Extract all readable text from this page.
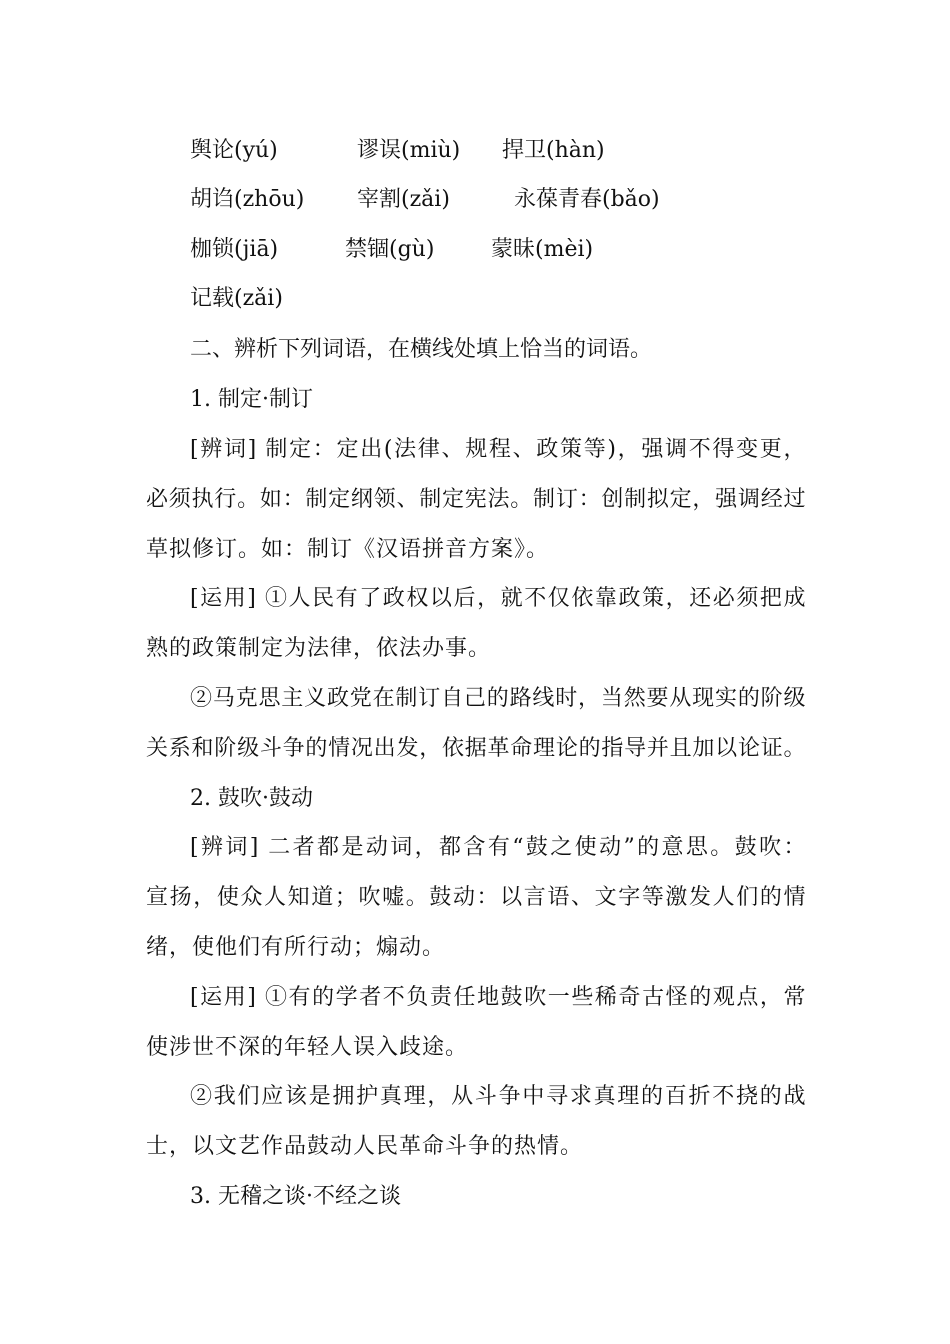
舆论(yú)	谬误(miù) 捍卫(hàn)
胡诌(zhōu) 宰割(zǎi)	永葆青春(bǎo)
枷锁(jiā)	禁锢(gù)	蒙昧(mèi)
记载(zǎi)
二、辨析下列词语，在横线处填上恰当的词语。
1. 制定·制订
[辨词] 制定：定出(法律、规程、政策等)，强调不得变更，
必须执行。如：制定纲领、制定宪法。制订：创制拟定，强调经过
草拟修订。如：制订《汉语拼音方案》。
[运用] ①人民有了政权以后，就不仅依靠政策，还必须把成
熟的政策制定为法律，依法办事。
②马克思主义政党在制订自己的路线时，当然要从现实的阶级
关系和阶级斗争的情况出发，依据革命理论的指导并且加以论证。
2. 鼓吹·鼓动
[辨词] 二者都是动词，都含有“鼓之使动”的意思。鼓吹：
宣扬，使众人知道；吹嘘。鼓动：以言语、文字等激发人们的情
绪，使他们有所行动；煽动。
[运用] ①有的学者不负责任地鼓吹一些稀奇古怪的观点，常
使涉世不深的年轻人误入歧途。
②我们应该是拥护真理，从斗争中寻求真理的百折不挠的战
士，以文艺作品鼓动人民革命斗争的热情。
3. 无稽之谈·不经之谈
